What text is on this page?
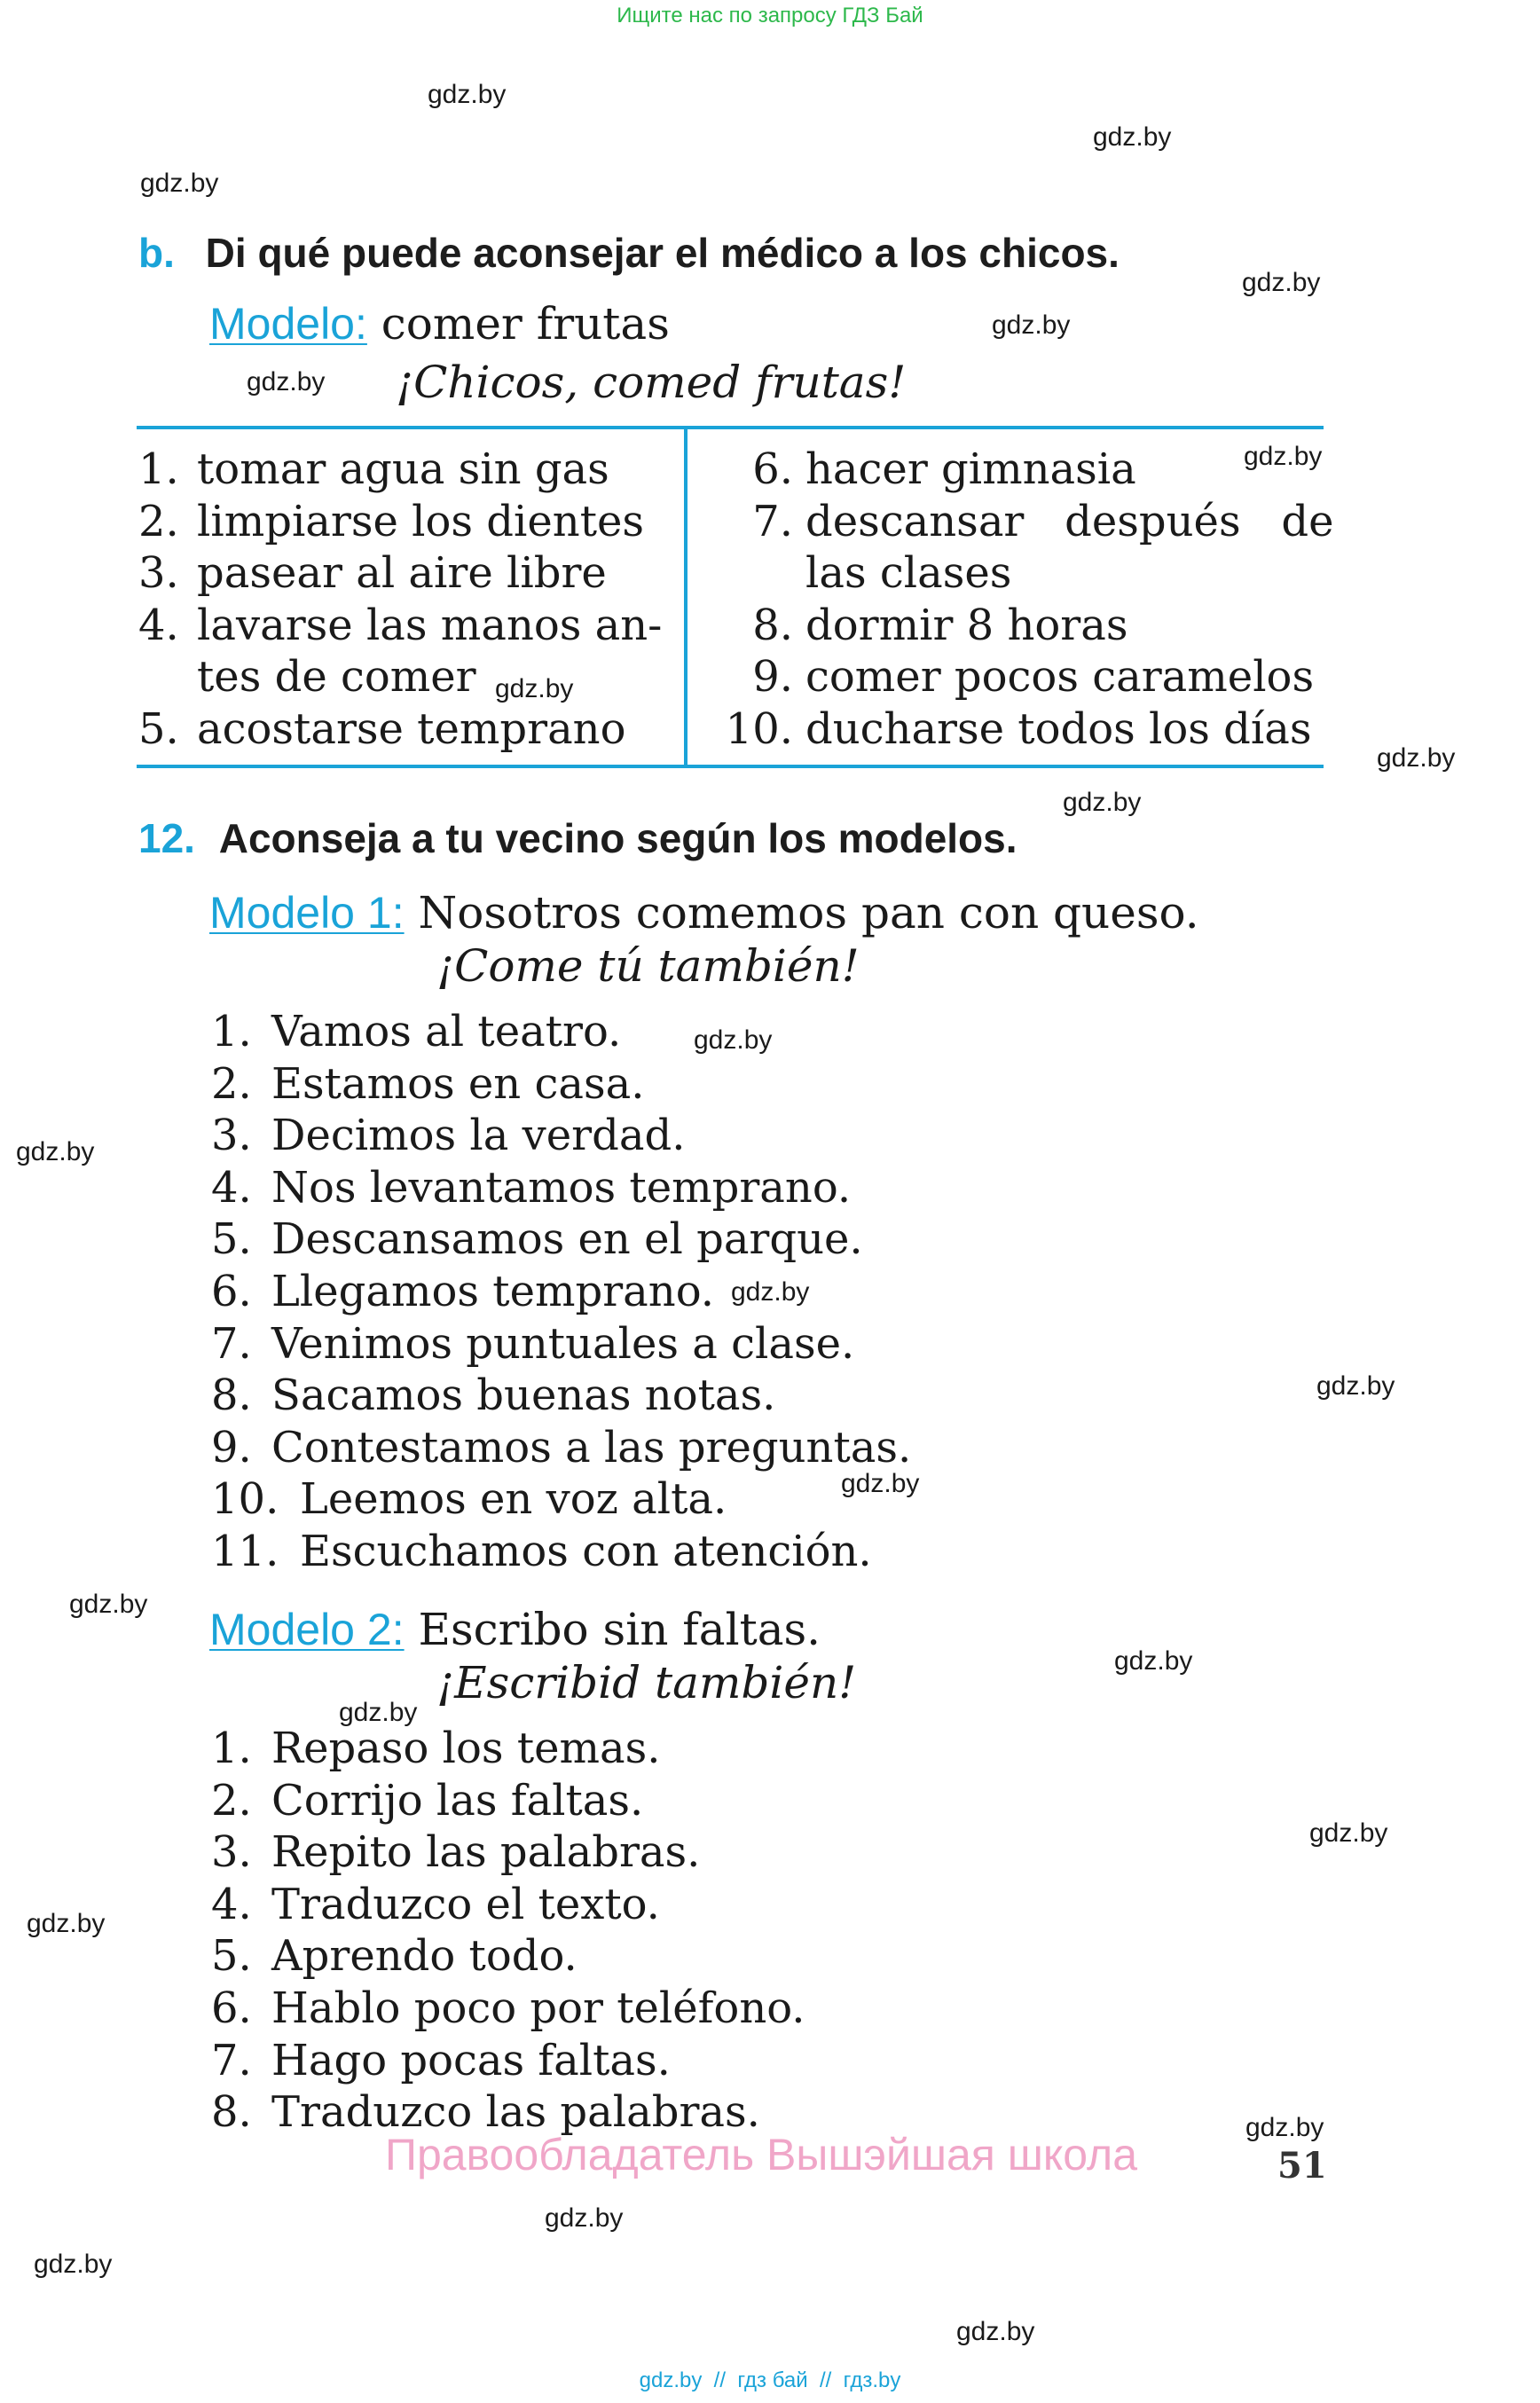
Ищите нас по запросу ГДЗ Бай
gdz.by
gdz.by
gdz.by
gdz.by
gdz.by
gdz.by
gdz.by
gdz.by
gdz.by
gdz.by
gdz.by
gdz.by
gdz.by
gdz.by
gdz.by
gdz.by
gdz.by
gdz.by
gdz.by
gdz.by
gdz.by
gdz.by
gdz.by
gdz.by
b. Di qué puede aconsejar el médico a los chicos.
Modelo: comer frutas
¡Chicos, comed frutas!
1. tomar agua sin gas
2. limpiarse los dientes
3. pasear al aire libre
4. lavarse las manos an-
tes de comer
5. acostarse temprano
6. hacer gimnasia
7. descansar   después   de
las clases
8. dormir 8 horas
9. comer pocos caramelos
10. ducharse todos los días
12. Aconseja a tu vecino según los modelos.
Modelo 1: Nosotros comemos pan con queso.
¡Come tú también!
1. Vamos al teatro.
2. Estamos en casa.
3. Decimos la verdad.
4. Nos levantamos temprano.
5. Descansamos en el parque.
6. Llegamos temprano.
7. Venimos puntuales a clase.
8. Sacamos buenas notas.
9. Contestamos a las preguntas.
10. Leemos en voz alta.
11. Escuchamos con atención.
Modelo 2: Escribo sin faltas.
¡Escribid también!
1. Repaso los temas.
2. Corrijo las faltas.
3. Repito las palabras.
4. Traduzco el texto.
5. Aprendo todo.
6. Hablo poco por teléfono.
7. Hago pocas faltas.
8. Traduzco las palabras.
Правообладатель Вышэйшая школа	51
gdz.by  //  гдз бай  //  гдз.by
